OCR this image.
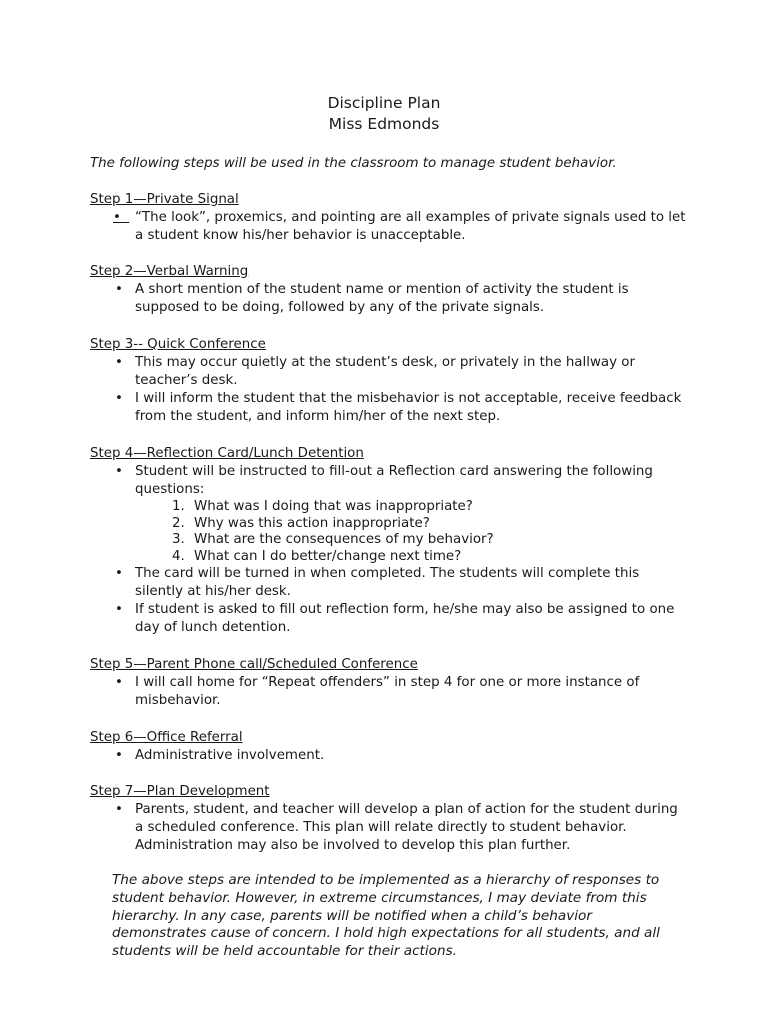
Discipline Plan
Miss Edmonds
The following steps will be used in the classroom to manage student behavior.
Step 1—Private Signal
•  “The look”, proxemics, and pointing are all examples of private signals used to let a student know his/her behavior is unacceptable.
Step 2—Verbal Warning
• A short mention of the student name or mention of activity the student is supposed to be doing, followed by any of the private signals.
Step 3-- Quick Conference
• This may occur quietly at the student’s desk, or privately in the hallway or teacher’s desk.
• I will inform the student that the misbehavior is not acceptable, receive feedback from the student, and inform him/her of the next step.
Step 4—Reflection Card/Lunch Detention
• Student will be instructed to fill-out a Reflection card answering the following questions:
1. What was I doing that was inappropriate?
2. Why was this action inappropriate?
3. What are the consequences of my behavior?
4. What can I do better/change next time?
• The card will be turned in when completed. The students will complete this silently at his/her desk.
• If student is asked to fill out reflection form, he/she may also be assigned to one day of lunch detention.
Step 5—Parent Phone call/Scheduled Conference
• I will call home for “Repeat offenders” in step 4 for one or more instance of misbehavior.
Step 6—Office Referral
• Administrative involvement.
Step 7—Plan Development
• Parents, student, and teacher will develop a plan of action for the student during a scheduled conference. This plan will relate directly to student behavior. Administration may also be involved to develop this plan further.
The above steps are intended to be implemented as a hierarchy of responses to student behavior. However, in extreme circumstances, I may deviate from this hierarchy. In any case, parents will be notified when a child’s behavior demonstrates cause of concern. I hold high expectations for all students, and all students will be held accountable for their actions.
